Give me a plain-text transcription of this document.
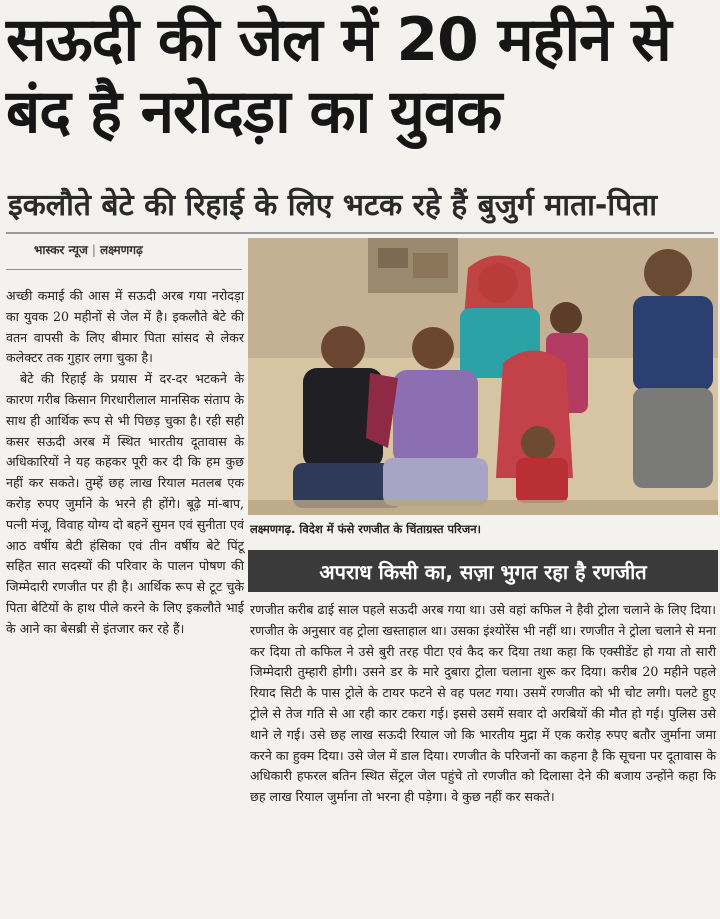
सऊदी की जेल में 20 महीने से बंद है नरोदड़ा का युवक
इकलौते बेटे की रिहाई के लिए भटक रहे हैं बुजुर्ग माता-पिता
भास्कर न्यूज | लक्ष्मणगढ़

अच्छी कमाई की आस में सऊदी अरब गया नरोदड़ा का युवक 20 महीनों से जेल में है। इकलौते बेटे की वतन वापसी के लिए बीमार पिता सांसद से लेकर कलेक्टर तक गुहार लगा चुका है।

बेटे की रिहाई के प्रयास में दर-दर भटकने के कारण गरीब किसान गिरधारीलाल मानसिक संताप के साथ ही आर्थिक रूप से भी पिछड़ चुका है। रही सही कसर सऊदी अरब में स्थित भारतीय दूतावास के अधिकारियों ने यह कहकर पूरी कर दी कि हम कुछ नहीं कर सकते। तुम्हें छह लाख रियाल मतलब एक करोड़ रुपए जुर्माने के भरने ही होंगे। बूढ़े मां-बाप, पत्नी मंजू, विवाह योग्य दो बहनें सुमन एवं सुनीता एवं आठ वर्षीय बेटी हंसिका एवं तीन वर्षीय बेटे पिंटू सहित सात सदस्यों की परिवार के पालन पोषण की जिम्मेदारी रणजीत पर ही है। आर्थिक रूप से टूट चुके पिता बेटियों के हाथ पीले करने के लिए इकलौते भाई के आने का बेसब्री से इंतजार कर रहे हैं।

लक्ष्मणगढ़. विदेश में फंसे रणजीत के चिंताग्रस्त परिजन।
अपराध किसी का, सज़ा भुगत रहा है रणजीत

रणजीत करीब ढाई साल पहले सऊदी अरब गया था। उसे वहां कफिल ने हैवी ट्रोला चलाने के लिए दिया। रणजीत के अनुसार वह ट्रोला खस्ताहाल था। उसका इंश्योरेंस भी नहीं था। रणजीत ने ट्रोला चलाने से मना कर दिया तो कफिल ने उसे बुरी तरह पीटा एवं कैद कर दिया तथा कहा कि एक्सीडेंट हो गया तो सारी जिम्मेदारी तुम्हारी होगी। उसने डर के मारे दुबारा ट्रोला चलाना शुरू कर दिया। करीब 20 महीने पहले रियाद सिटी के पास ट्रोले के टायर फटने से वह पलट गया। उसमें रणजीत को भी चोट लगी। पलटे हुए ट्रोले से तेज गति से आ रही कार टकरा गई। इससे उसमें सवार दो अरबियों की मौत हो गई। पुलिस उसे थाने ले गई। उसे छह लाख सऊदी रियाल जो कि भारतीय मुद्रा में एक करोड़ रुपए बतौर जुर्माना जमा करने का हुक्म दिया। उसे जेल में डाल दिया। रणजीत के परिजनों का कहना है कि सूचना पर दूतावास के अधिकारी हफरल बतिन स्थित सेंट्रल जेल पहुंचे तो रणजीत को दिलासा देने की बजाय उन्होंने कहा कि छह लाख रियाल जुर्माना तो भरना ही पड़ेगा। वे कुछ नहीं कर सकते।
